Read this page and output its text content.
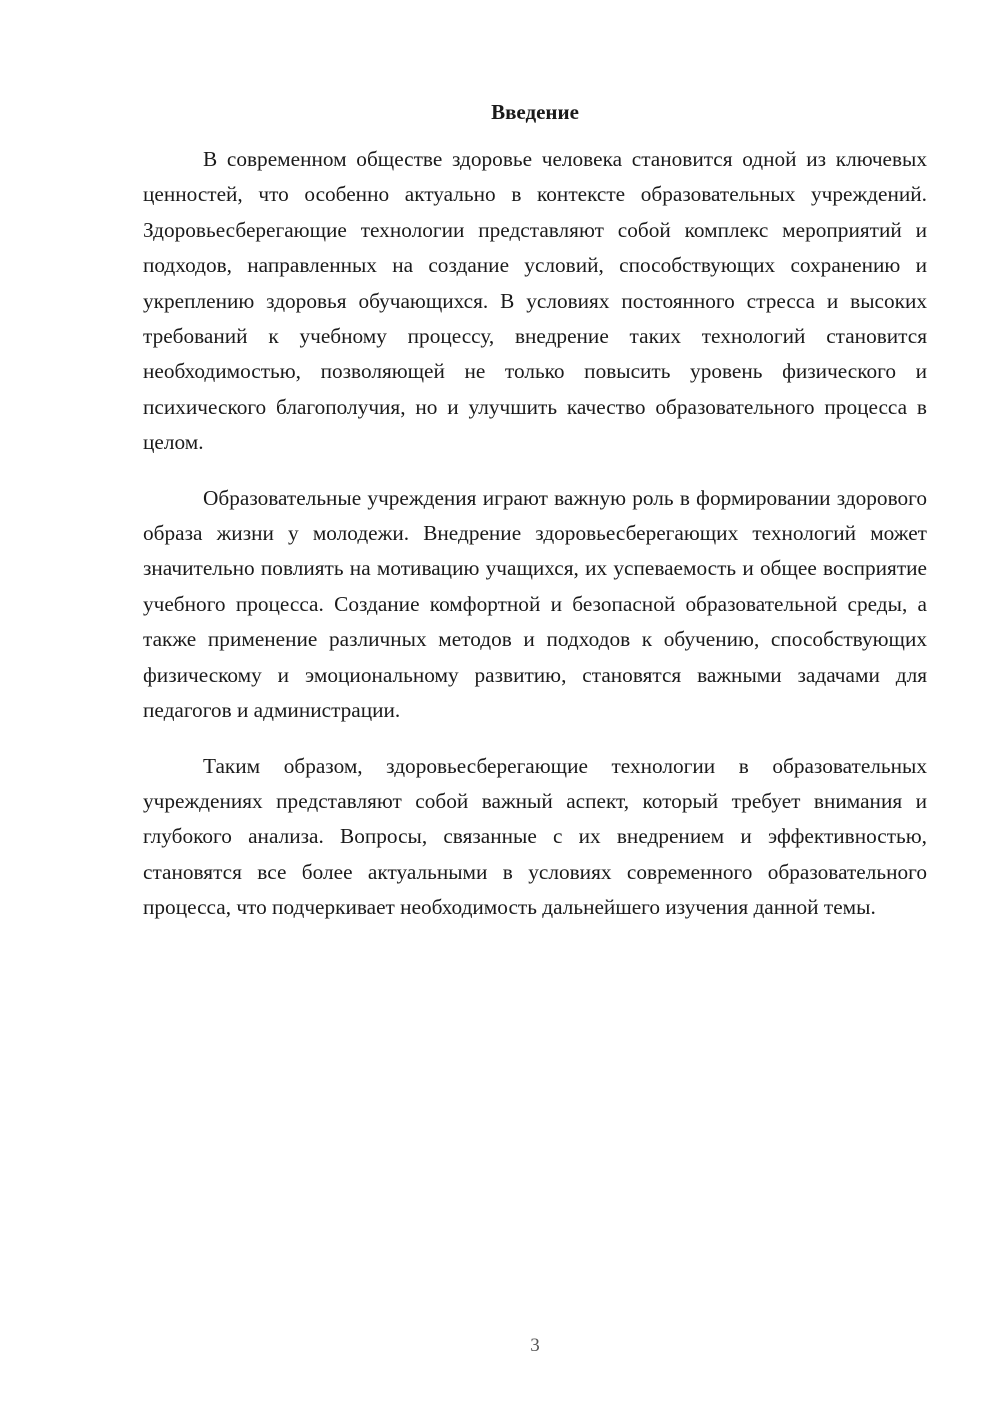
Введение

В современном обществе здоровье человека становится одной из ключевых ценностей, что особенно актуально в контексте образовательных учреждений. Здоровьесберегающие технологии представляют собой комплекс мероприятий и подходов, направленных на создание условий, способствующих сохранению и укреплению здоровья обучающихся. В условиях постоянного стресса и высоких требований к учебному процессу, внедрение таких технологий становится необходимостью, позволяющей не только повысить уровень физического и психического благополучия, но и улучшить качество образовательного процесса в целом.

Образовательные учреждения играют важную роль в формировании здорового образа жизни у молодежи. Внедрение здоровьесберегающих технологий может значительно повлиять на мотивацию учащихся, их успеваемость и общее восприятие учебного процесса. Создание комфортной и безопасной образовательной среды, а также применение различных методов и подходов к обучению, способствующих физическому и эмоциональному развитию, становятся важными задачами для педагогов и администрации.

Таким образом, здоровьесберегающие технологии в образовательных учреждениях представляют собой важный аспект, который требует внимания и глубокого анализа. Вопросы, связанные с их внедрением и эффективностью, становятся все более актуальными в условиях современного образовательного процесса, что подчеркивает необходимость дальнейшего изучения данной темы.

3
